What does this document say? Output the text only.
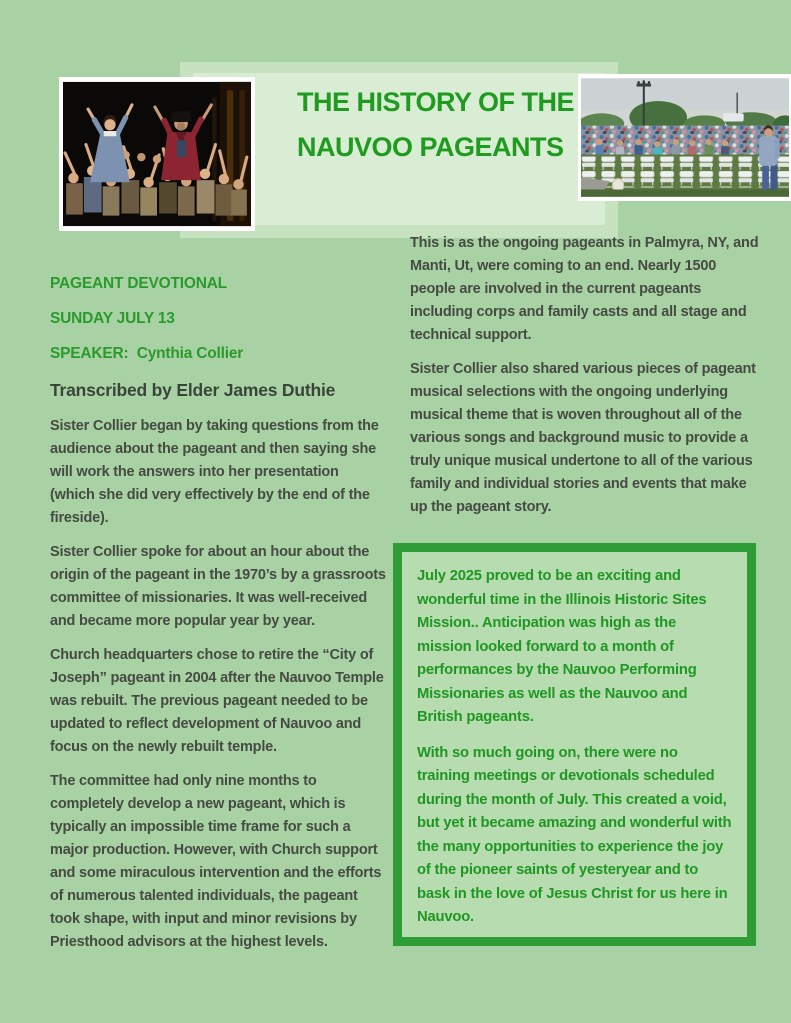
THE HISTORY OF THE
NAUVOO PAGEANTS

PAGEANT DEVOTIONAL

SUNDAY JULY 13

SPEAKER:  Cynthia Collier

Transcribed by Elder James Duthie

Sister Collier began by taking questions from the audience about the pageant and then saying she will work the answers into her presentation (which she did very effectively by the end of the fireside).

Sister Collier spoke for about an hour about the origin of the pageant in the 1970’s by a grassroots committee of missionaries. It was well-received and became more popular year by year.

Church headquarters chose to retire the “City of Joseph” pageant in 2004 after the Nauvoo Temple was rebuilt. The previous pageant needed to be updated to reflect development of Nauvoo and focus on the newly rebuilt temple.

The committee had only nine months to completely develop a new pageant, which is typically an impossible time frame for such a major production. However, with Church support and some miraculous intervention and the efforts of numerous talented individuals, the pageant took shape, with input and minor revisions by Priesthood advisors at the highest levels.

This is as the ongoing pageants in Palmyra, NY, and Manti, Ut, were coming to an end. Nearly 1500 people are involved in the current pageants including corps and family casts and all stage and technical support.

Sister Collier also shared various pieces of pageant musical selections with the ongoing underlying musical theme that is woven throughout all of the various songs and background music to provide a truly unique musical undertone to all of the various family and individual stories and events that make up the pageant story.

July 2025 proved to be an exciting and wonderful time in the Illinois Historic Sites Mission.. Anticipation was high as the mission looked forward to a month of performances by the Nauvoo Performing Missionaries as well as the Nauvoo and British pageants.

With so much going on, there were no training meetings or devotionals scheduled during the month of July. This created a void, but yet it became amazing and wonderful with the many opportunities to experience the joy of the pioneer saints of yesteryear and to bask in the love of Jesus Christ for us here in Nauvoo.
